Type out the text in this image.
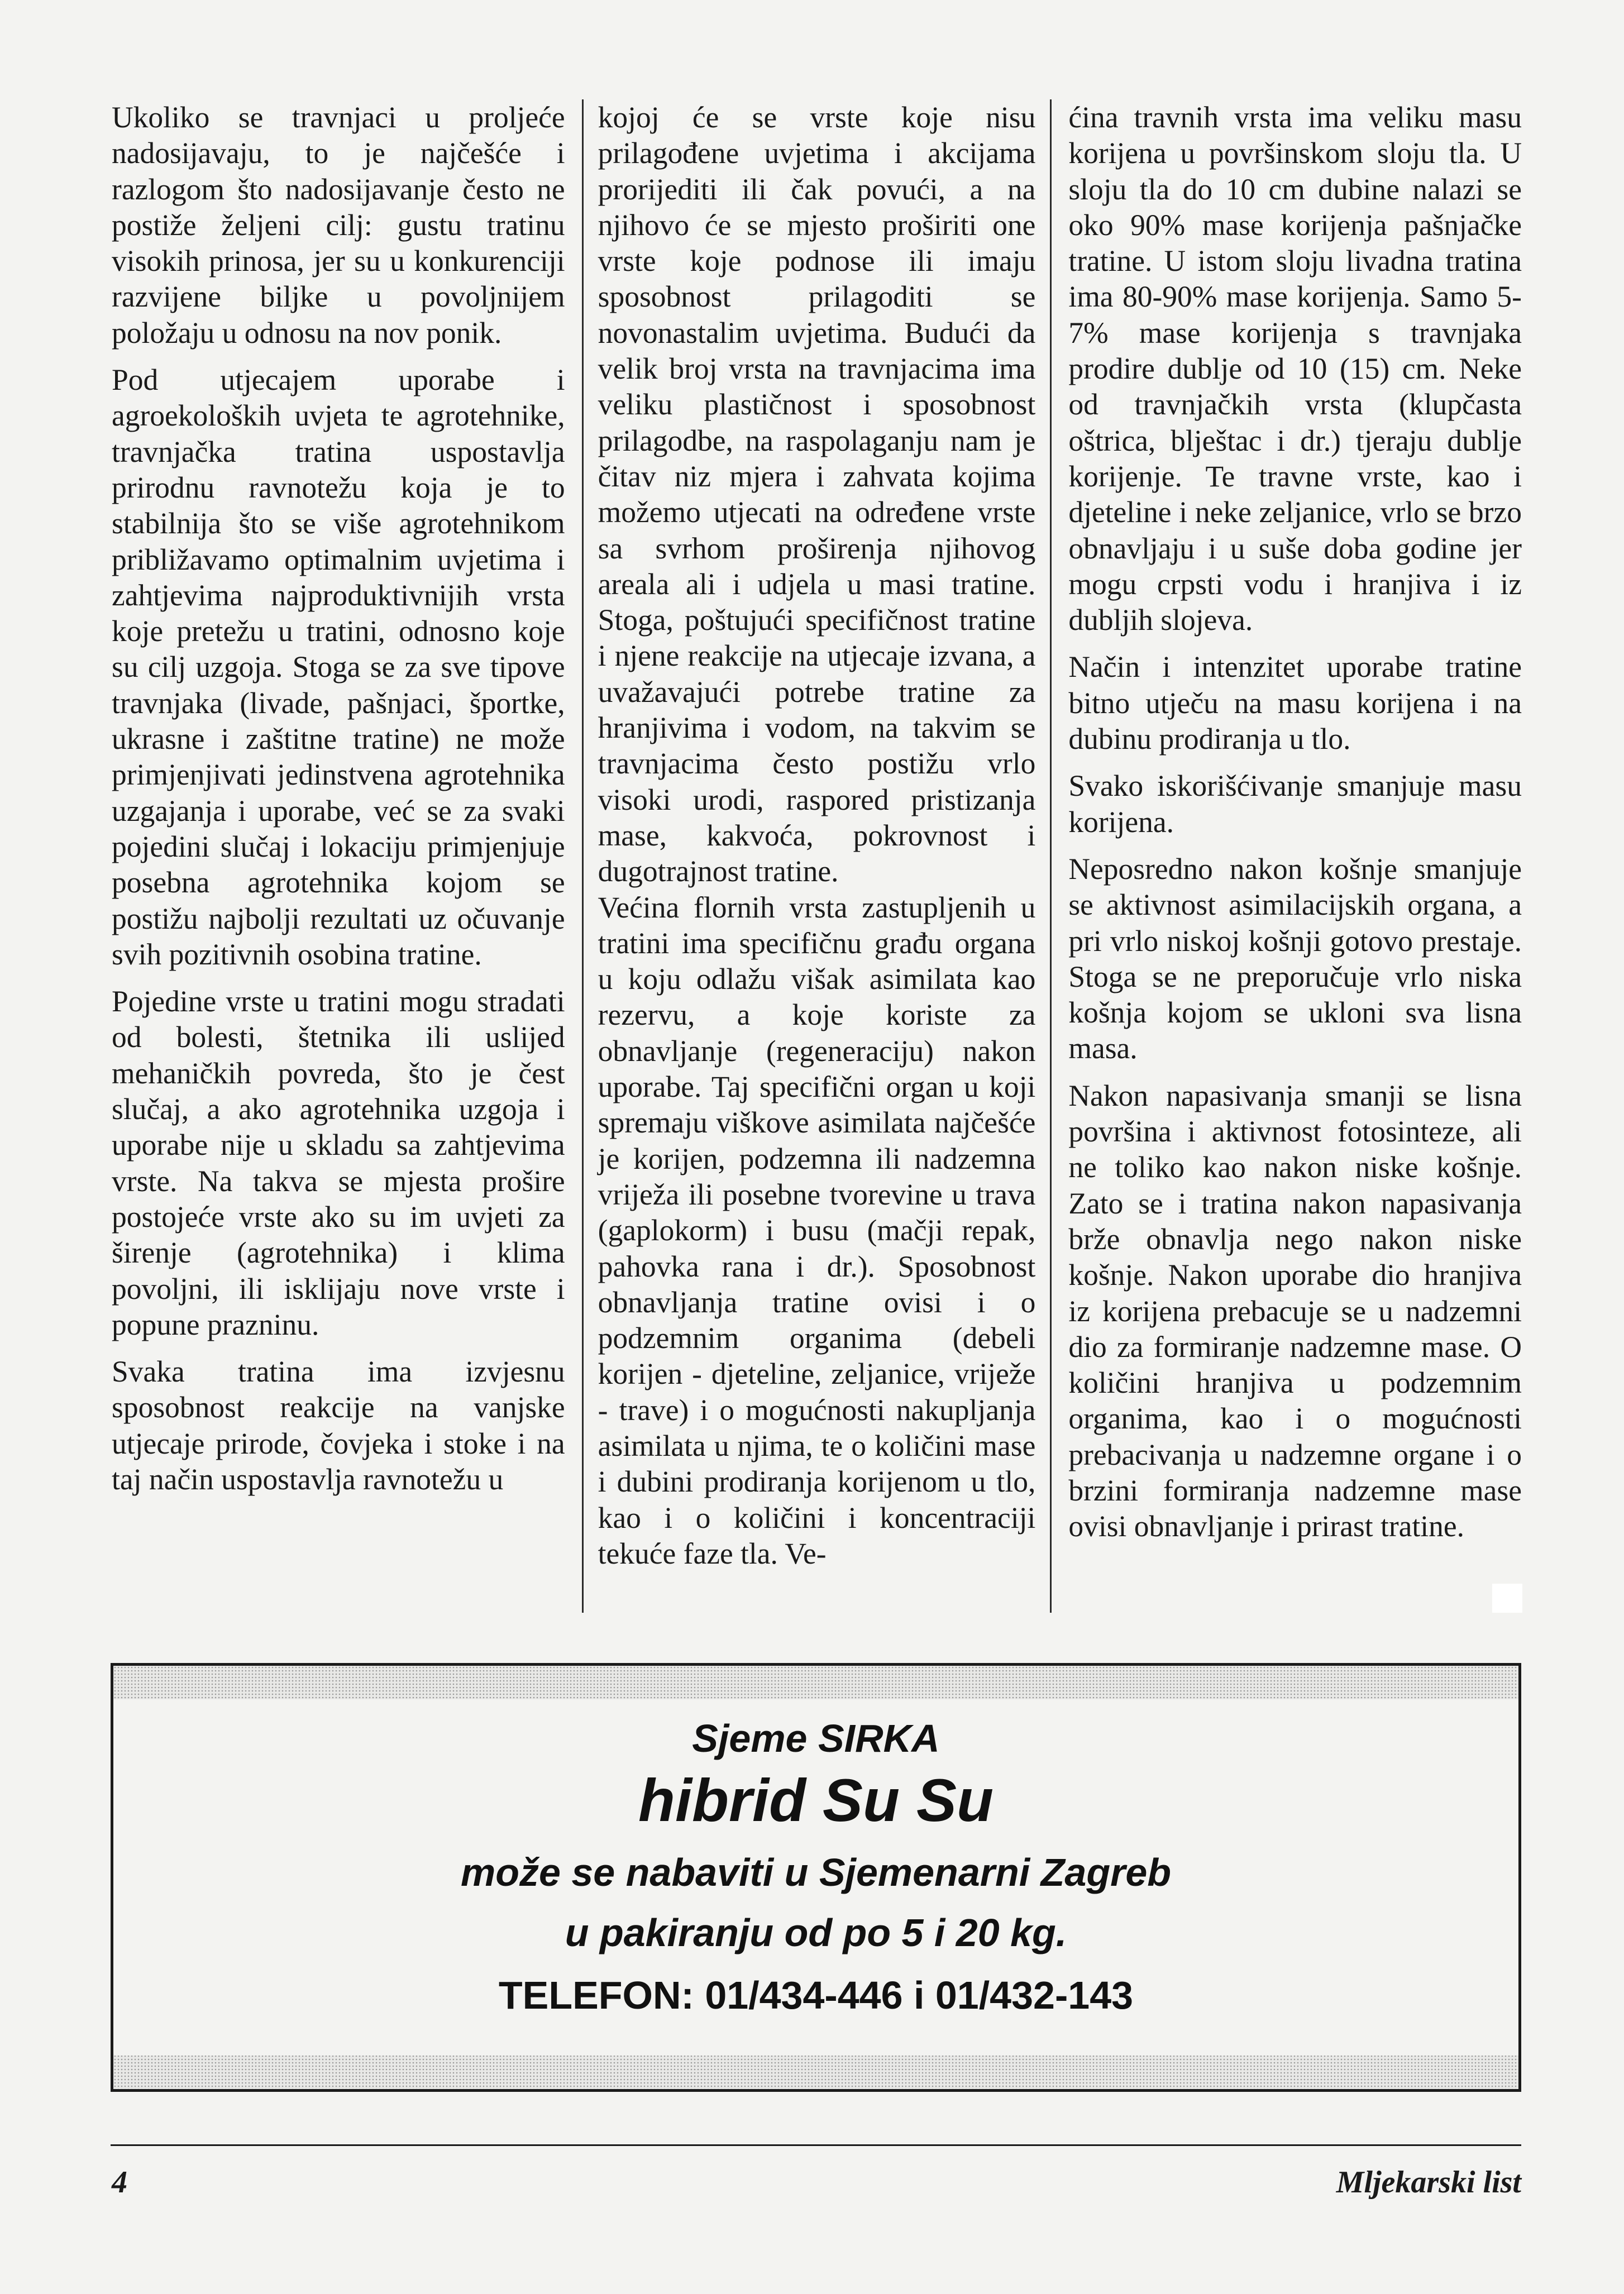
Ukoliko se travnjaci u proljeće nadosijavaju, to je najčešće i razlogom što nadosijavanje često ne postiže željeni cilj: gustu tratinu visokih prinosa, jer su u konkurenciji razvijene biljke u povoljnijem položaju u odnosu na nov ponik.

Pod utjecajem uporabe i agroekoloških uvjeta te agrotehnike, travnjačka tratina uspostavlja prirodnu ravnotežu koja je to stabilnija što se više agrotehnikom približavamo optimalnim uvjetima i zahtjevima najproduktivnijih vrsta koje pretežu u tratini, odnosno koje su cilj uzgoja. Stoga se za sve tipove travnjaka (livade, pašnjaci, športke, ukrasne i zaštitne tratine) ne može primjenjivati jedinstvena agrotehnika uzgajanja i uporabe, već se za svaki pojedini slučaj i lokaciju primjenjuje posebna agrotehnika kojom se postižu najbolji rezultati uz očuvanje svih pozitivnih osobina tratine.

Pojedine vrste u tratini mogu stradati od bolesti, štetnika ili uslijed mehaničkih povreda, što je čest slučaj, a ako agrotehnika uzgoja i uporabe nije u skladu sa zahtjevima vrste. Na takva se mjesta prošire postojeće vrste ako su im uvjeti za širenje (agrotehnika) i klima povoljni, ili isklijaju nove vrste i popune prazninu.

Svaka tratina ima izvjesnu sposobnost reakcije na vanjske utjecaje prirode, čovjeka i stoke i na taj način uspostavlja ravnotežu u

kojoj će se vrste koje nisu prilagođene uvjetima i akcijama prorijediti ili čak povući, a na njihovo će se mjesto proširiti one vrste koje podnose ili imaju sposobnost prilagoditi se novonastalim uvjetima. Budući da velik broj vrsta na travnjacima ima veliku plastičnost i sposobnost prilagodbe, na raspolaganju nam je čitav niz mjera i zahvata kojima možemo utjecati na određene vrste sa svrhom proširenja njihovog areala ali i udjela u masi tratine. Stoga, poštujući specifičnost tratine i njene reakcije na utjecaje izvana, a uvažavajući potrebe tratine za hranjivima i vodom, na takvim se travnjacima često postižu vrlo visoki urodi, raspored pristizanja mase, kakvoća, pokrovnost i dugotrajnost tratine.

Većina flornih vrsta zastupljenih u tratini ima specifičnu građu organa u koju odlažu višak asimilata kao rezervu, a koje koriste za obnavljanje (regeneraciju) nakon uporabe. Taj specifični organ u koji spremaju viškove asimilata najčešće je korijen, podzemna ili nadzemna vriježa ili posebne tvorevine u trava (gaplokorm) i busu (mačji repak, pahovka rana i dr.). Sposobnost obnavljanja tratine ovisi i o podzemnim organima (debeli korijen - djeteline, zeljanice, vriježe - trave) i o mogućnosti nakupljanja asimilata u njima, te o količini mase i dubini prodiranja korijenom u tlo, kao i o količini i koncentraciji tekuće faze tla. Ve-

ćina travnih vrsta ima veliku masu korijena u površinskom sloju tla. U sloju tla do 10 cm dubine nalazi se oko 90% mase korijenja pašnjačke tratine. U istom sloju livadna tratina ima 80-90% mase korijenja. Samo 5-7% mase korijenja s travnjaka prodire dublje od 10 (15) cm. Neke od travnjačkih vrsta (klupčasta oštrica, blještac i dr.) tjeraju dublje korijenje. Te travne vrste, kao i djeteline i neke zeljanice, vrlo se brzo obnavljaju i u suše doba godine jer mogu crpsti vodu i hranjiva i iz dubljih slojeva.

Način i intenzitet uporabe tratine bitno utječu na masu korijena i na dubinu prodiranja u tlo.

Svako iskorišćivanje smanjuje masu korijena.

Neposredno nakon košnje smanjuje se aktivnost asimilacijskih organa, a pri vrlo niskoj košnji gotovo prestaje. Stoga se ne preporučuje vrlo niska košnja kojom se ukloni sva lisna masa.

Nakon napasivanja smanji se lisna površina i aktivnost fotosinteze, ali ne toliko kao nakon niske košnje. Zato se i tratina nakon napasivanja brže obnavlja nego nakon niske košnje. Nakon uporabe dio hranjiva iz korijena prebacuje se u nadzemni dio za formiranje nadzemne mase. O količini hranjiva u podzemnim organima, kao i o mogućnosti prebacivanja u nadzemne organe i o brzini formiranja nadzemne mase ovisi obnavljanje i prirast tratine.

Sjeme SIRKA
hibrid Su Su
može se nabaviti u Sjemenarni Zagreb
u pakiranju od po 5 i 20 kg.
TELEFON: 01/434-446 i 01/432-143
4	Mljekarski list
